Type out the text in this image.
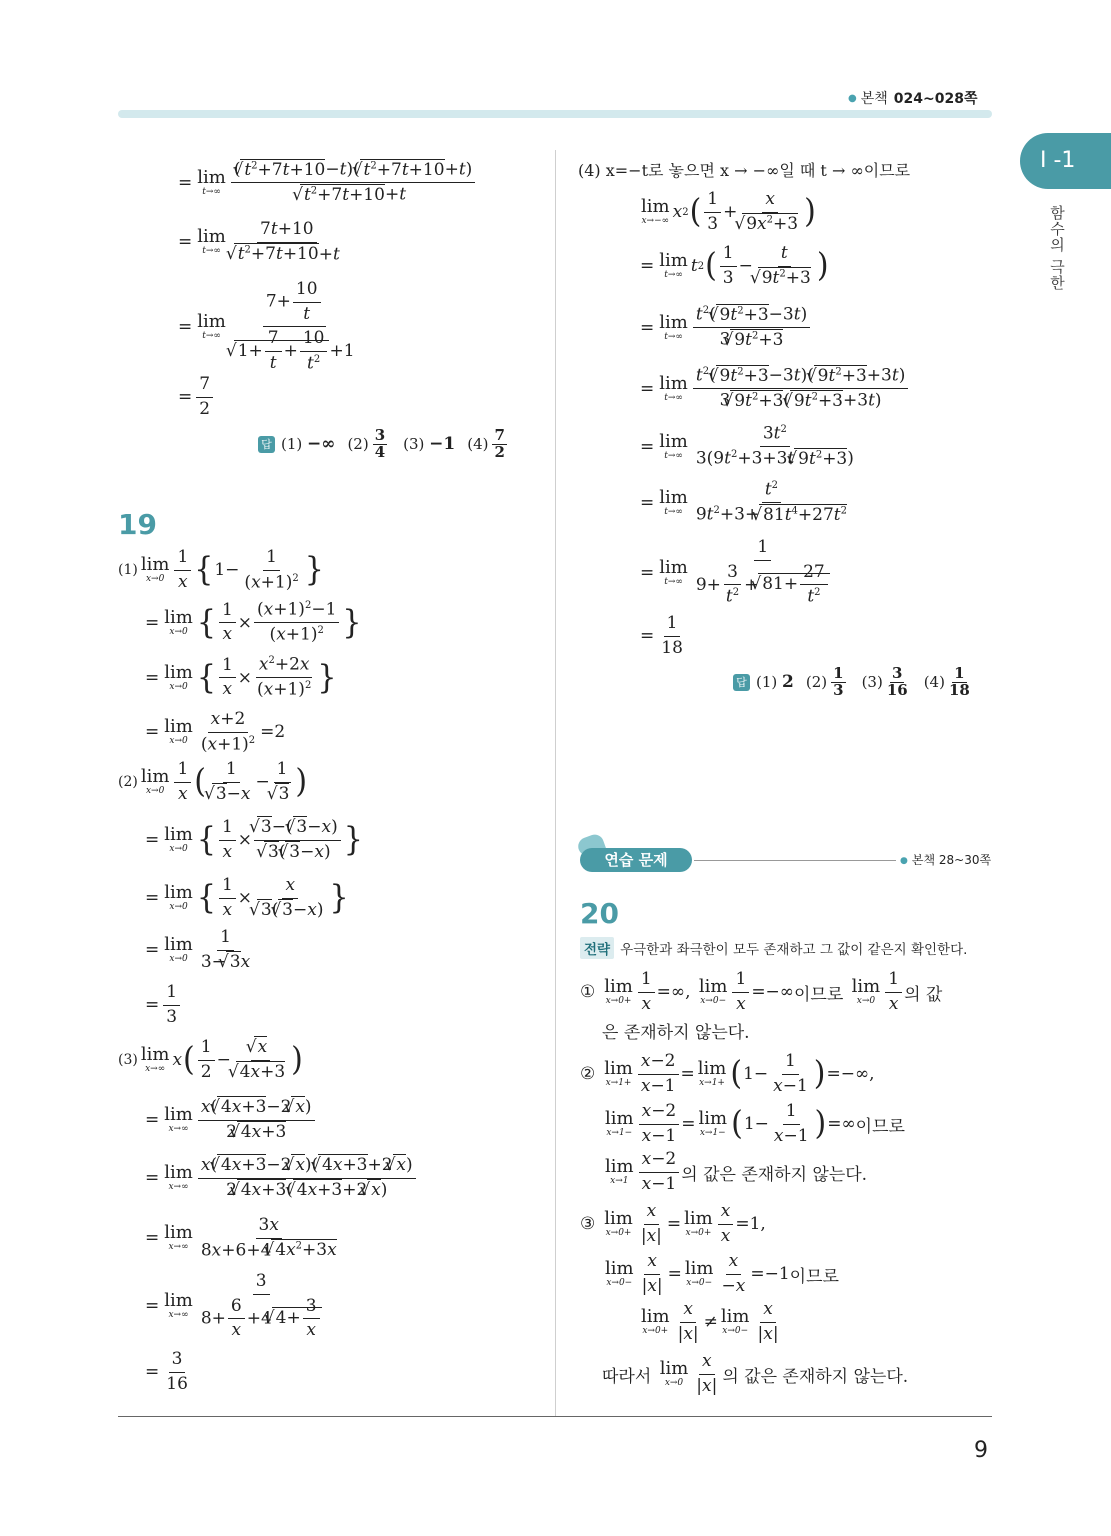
● 본책 024~028쪽
Ⅰ -1
함수의 극한
= lim
t→∞ (√ $t^2+7t+10-t)(√$ $t^2+7t+10+t$)
√ $t^2+7t+10+t$
= lim
t→∞ 7t+10
√ $t^2+7t+10+t$
= lim
t→∞ $7+ \frac{10}{t}$
√ $1+ \frac{7}{t} + \frac{10}{t^2} +1$
= $\frac{7}{2}$
답 (1)
−∞ (2)
3
4 (3)
−1 (4)
7
2
19
(1) lim
$x\to 0 \frac{1}{x}$ { $1- \frac{1}{(x+1)^2}$ }
= lim
x→0 { $\frac{1}{x} \times \frac{(x+1)^2-1}{(x+1)^2}$ }
= lim
x→0 { $\frac{1}{x} \times \frac{x^2+2x}{(x+1)^2}$ }
= lim
$x\to 0 \frac{x+2}{(x+1)^2} =2$
(2) lim
$x\to 0 \frac{1}{x}$ ( 1
√ 3−x − 1
√ 3 )
= lim
x→0 { $\frac{1}{x}$ ×
√ 3−(√ 3−x)
√ 3(√ 3−x) }
= lim
x→0 { $\frac{1}{x} \times x$
√ 3(√ 3−x) }
= lim
$x\to 0 \frac{1}{3-√ 3x}$
= $\frac{1}{3}$
(3) lim
x→∞ x ( $\frac{1}{2}$ −
√ x
√ 4x+3 )
= lim
$x\to\infty \frac{x(√ 4x+3-2√ x)}{2√ 4x+3}$
= lim
$x\to\infty \frac{x(√ 4x+3-2√ x)(√ 4x+3+2√ x)}{2√ 4x+3(√ 4x+3+2√ x)}$
= lim
$x\to\infty \frac{3x}{8x+6+4√ 4x^2+3x}$
= lim
$x\to\infty \frac{3}{8+ \frac{6}{x} +4√ 4+ \frac{3}{x}}$
= $\frac{3}{16}$
(4) x=−t로 놓으면 x → −∞일 때 t → ∞이므로
lim
x→−∞ x 2 ( $\frac{1}{3} + x$
√ $9x^2+3$ )
= lim
t→∞ t 2 ( $\frac{1}{3} - t$
√ $9t^2+3$ )
= lim
$t\to\infty \frac{t^2(√ 9t^2+3-3t)}{3√ 9t^2+3}$
= lim
$t\to\infty \frac{t^2(√ 9t^2+3-3t)(√ 9t^2+3+3t)}{3√ 9t^2+3(√ 9t^2+3+3t)}$
= lim
$t\to\infty \frac{3t^2}{3(9t^2+3+3t√ 9t^2+3)}$
= lim
$t\to\infty \frac{t^2}{9t^2+3+√ 81t^4+27t^2}$
= lim
$t\to\infty \frac{1}{9+ \frac{3}{t^2} +√ 81+ \frac{27}{t^2}}$
= $\frac{1}{18}$
답 (1)
2 (2)
1
3 (3)
3
16 (4)
1
18
연습 문제	● 본책 28~30쪽
20
전략 우극한과 좌극한이 모두 존재하고 그 값이 같은지 확인한다.
① lim
$x\to 0+ \frac{1}{x}$ =∞, lim
$x\to 0- \frac{1}{x}$ =−∞ 이므로
lim
$x\to 0 \frac{1}{x}$ 의 값
은 존재하지 않는다.
② lim
$x\to 1+ \frac{x-2}{x-1} = \lim$
x→1+ ( $1- \frac{1}{x-1}$ ) =−∞,
lim
$x\to 1- \frac{x-2}{x-1} = \lim$
x→1− ( $1- \frac{1}{x-1}$ ) =∞ 이므로
lim
$x\to 1 \frac{x-2}{x-1}$ 의 값은 존재하지 않는다.
③ lim
$x\to 0+ \frac{x}{|x|} = \lim$
$x\to 0+ \frac{x}{x} =1$,
lim
$x\to 0- \frac{x}{|x|} = \lim$
$x\to 0- \frac{x}{-x} =-1$ 이므로
lim
$x\to 0+ \frac{x}{|x|} \ne \lim$
$x\to 0- \frac{x}{|x|}$
따라서
lim
$x\to 0 \frac{x}{|x|}$ 의 값은 존재하지 않는다.
9
